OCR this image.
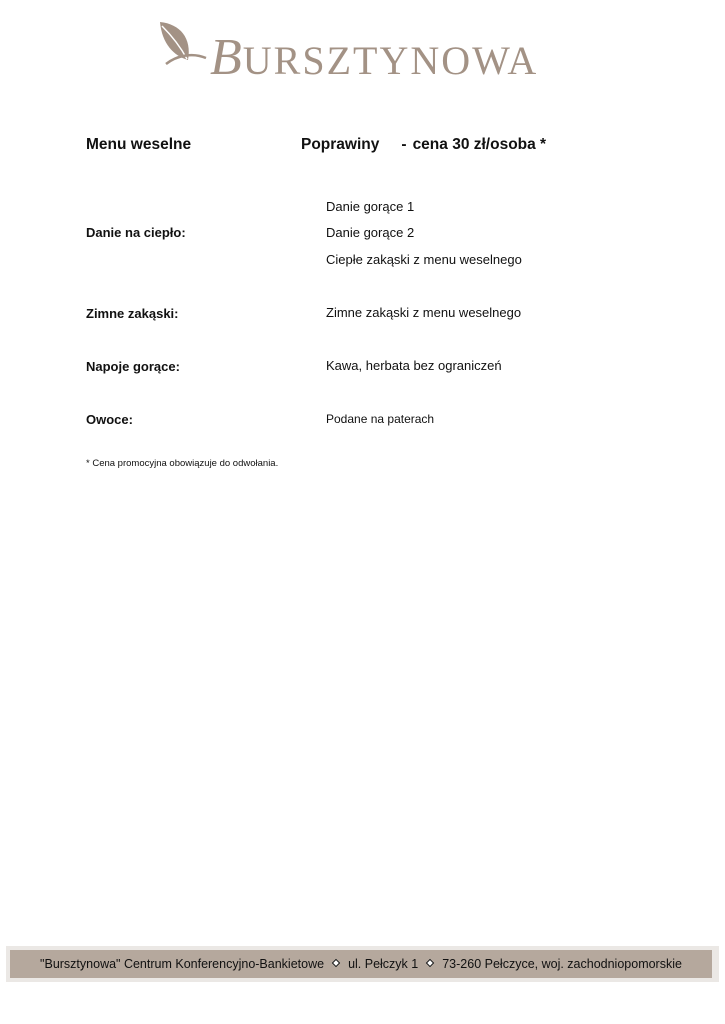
BURSZTYNOWA
Menu weselne	Poprawiny - cena 30 zł/osoba *
Danie na ciepło:
Danie gorące 1
Danie gorące 2
Ciepłe zakąski z menu weselnego
Zimne zakąski:	Zimne zakąski z menu weselnego
Napoje gorące:	Kawa, herbata bez ograniczeń
Owoce:	Podane na paterach
* Cena promocyjna obowiązuje do odwołania.
"Bursztynowa" Centrum Konferencyjno-Bankietowe ul. Pełczyk 1 73-260 Pełczyce, woj. zachodniopomorskie
